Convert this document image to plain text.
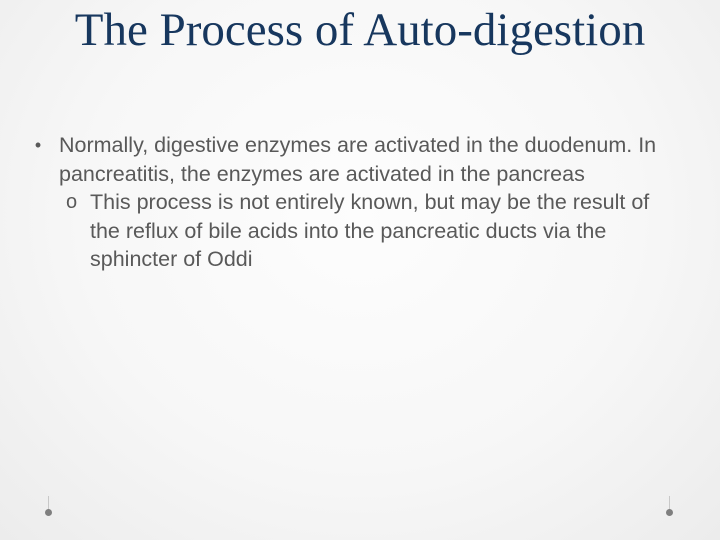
The Process of Auto-digestion
• Normally, digestive enzymes are activated in the duodenum. In pancreatitis, the enzymes are activated in the pancreas
o This process is not entirely known, but may be the result of the reflux of bile acids into the pancreatic ducts via the sphincter of Oddi
